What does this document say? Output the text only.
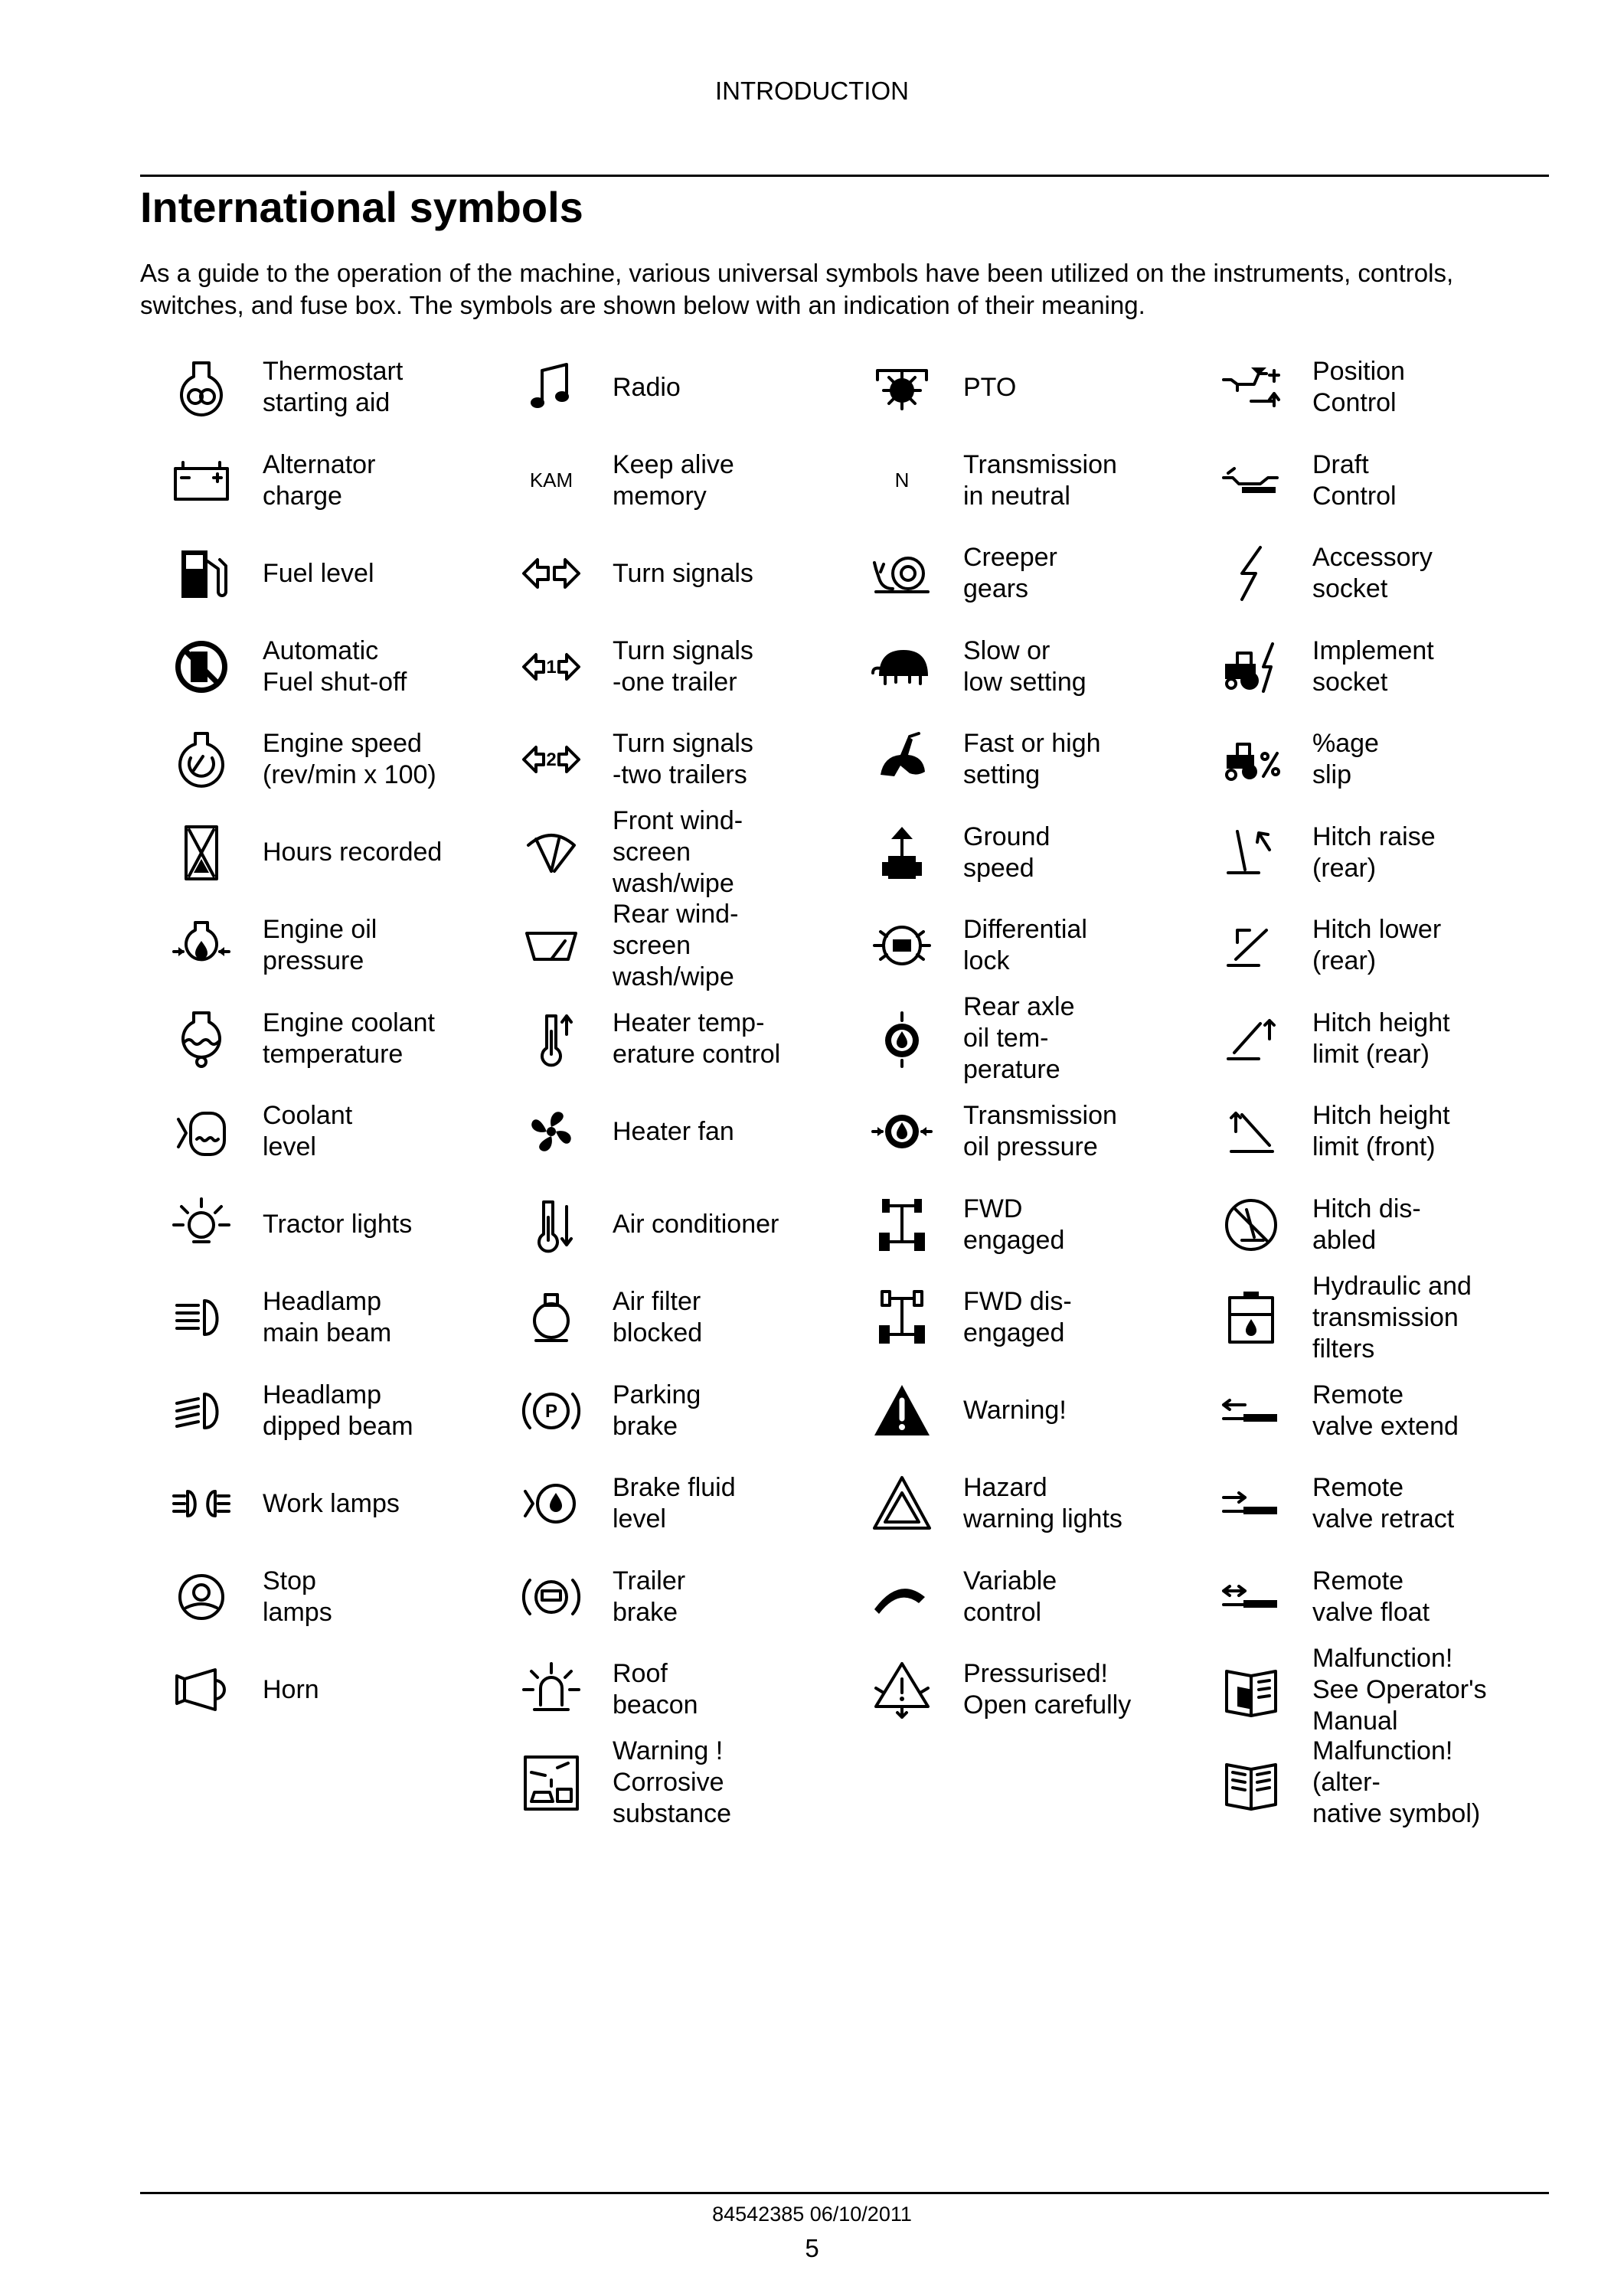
INTRODUCTION
International symbols
As a guide to the operation of the machine, various universal symbols have been utilized on the instruments, controls, switches, and fuse box. The symbols are shown below with an indication of their meaning.
Thermostart
starting aid
Alternator
charge
Fuel level
Automatic
Fuel shut-off
Engine speed
(rev/min x 100)
Hours recorded
Engine oil
pressure
Engine coolant
temperature
Coolant
level
Tractor lights
Headlamp
main beam
Headlamp
dipped beam
Work lamps
Stop
lamps
Horn
Radio
KAM
Keep alive
memory
Turn signals
1
Turn signals
-one trailer
2
Turn signals
-two trailers
Front wind-
screen
wash/wipe
Rear wind-
screen
wash/wipe
Heater temp-
erature control
Heater fan
Air conditioner
Air filter
blocked
P
Parking
brake
Brake fluid
level
Trailer
brake
Roof
beacon
Warning !
Corrosive
substance
PTO
N
Transmission
in neutral
Creeper
gears
Slow or
low setting
Fast or high
setting
Ground
speed
Differential
lock
Rear axle
oil tem-
perature
Transmission
oil pressure
FWD
engaged
FWD dis-
engaged
Warning!
Hazard
warning lights
Variable
control
Pressurised!
Open carefully
Position
Control
Draft
Control
Accessory
socket
Implement
socket
%age
slip
Hitch raise
(rear)
Hitch lower
(rear)
Hitch height
limit (rear)
Hitch height
limit (front)
Hitch dis-
abled
Hydraulic and
transmission
filters
Remote
valve extend
Remote
valve retract
Remote
valve float
Malfunction!
See Operator's
Manual
Malfunction!
(alter-
native symbol)
84542385 06/10/2011
5
